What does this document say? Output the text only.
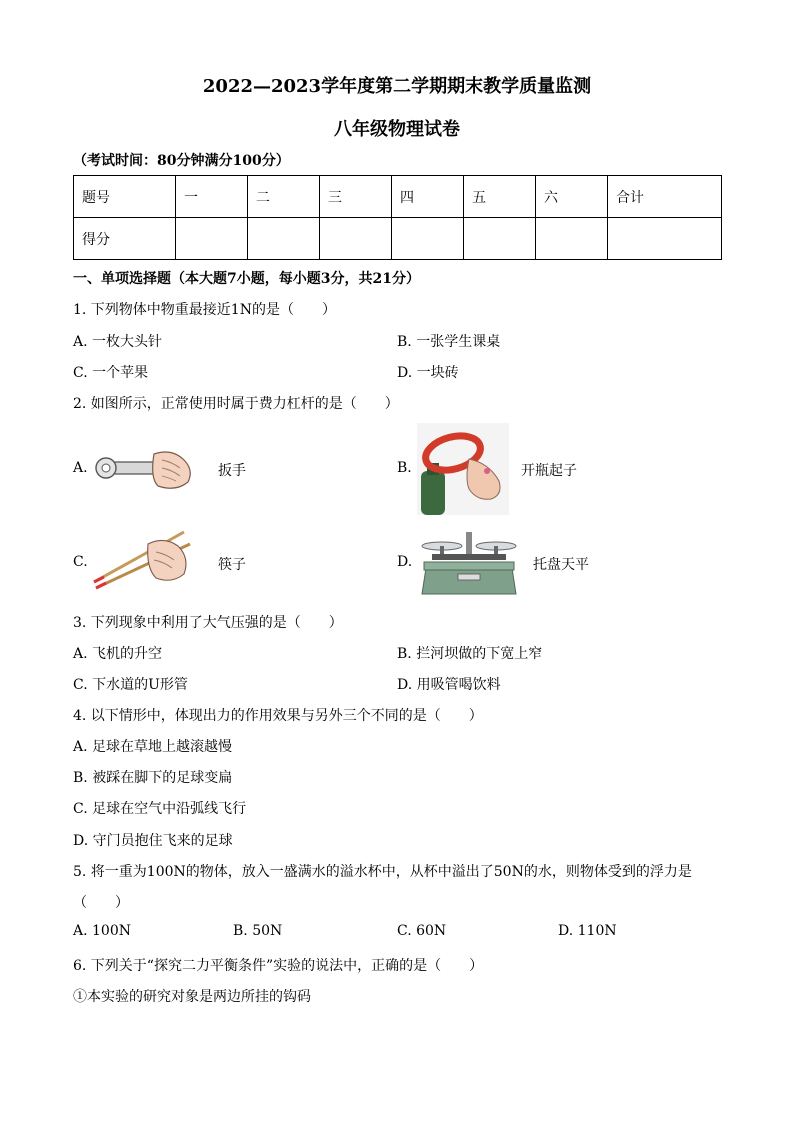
2022—2023学年度第二学期期末教学质量监测
八年级物理试卷
（考试时间：80分钟满分100分）
题号	一	二	三	四	五	六	合计
得分							
一、单项选择题（本大题7小题，每小题3分，共21分）
1. 下列物体中物重最接近1N的是（　　）
A. 一枚大头针	B. 一张学生课桌
C. 一个苹果	D. 一块砖
2. 如图所示，正常使用时属于费力杠杆的是（　　）
A.	扳手	B.	开瓶起子
C.	筷子	D.	托盘天平
3. 下列现象中利用了大气压强的是（　　）
A. 飞机的升空	B. 拦河坝做的下宽上窄
C. 下水道的U形管	D. 用吸管喝饮料
4. 以下情形中，体现出力的作用效果与另外三个不同的是（　　）
A. 足球在草地上越滚越慢
B. 被踩在脚下的足球变扁
C. 足球在空气中沿弧线飞行
D. 守门员抱住飞来的足球
5. 将一重为100N的物体，放入一盛满水的溢水杯中，从杯中溢出了50N的水，则物体受到的浮力是
（　　）
A. 100N	B. 50N	C. 60N	D. 110N
6. 下列关于“探究二力平衡条件”实验的说法中，正确的是（　　）
①本实验的研究对象是两边所挂的钩码
